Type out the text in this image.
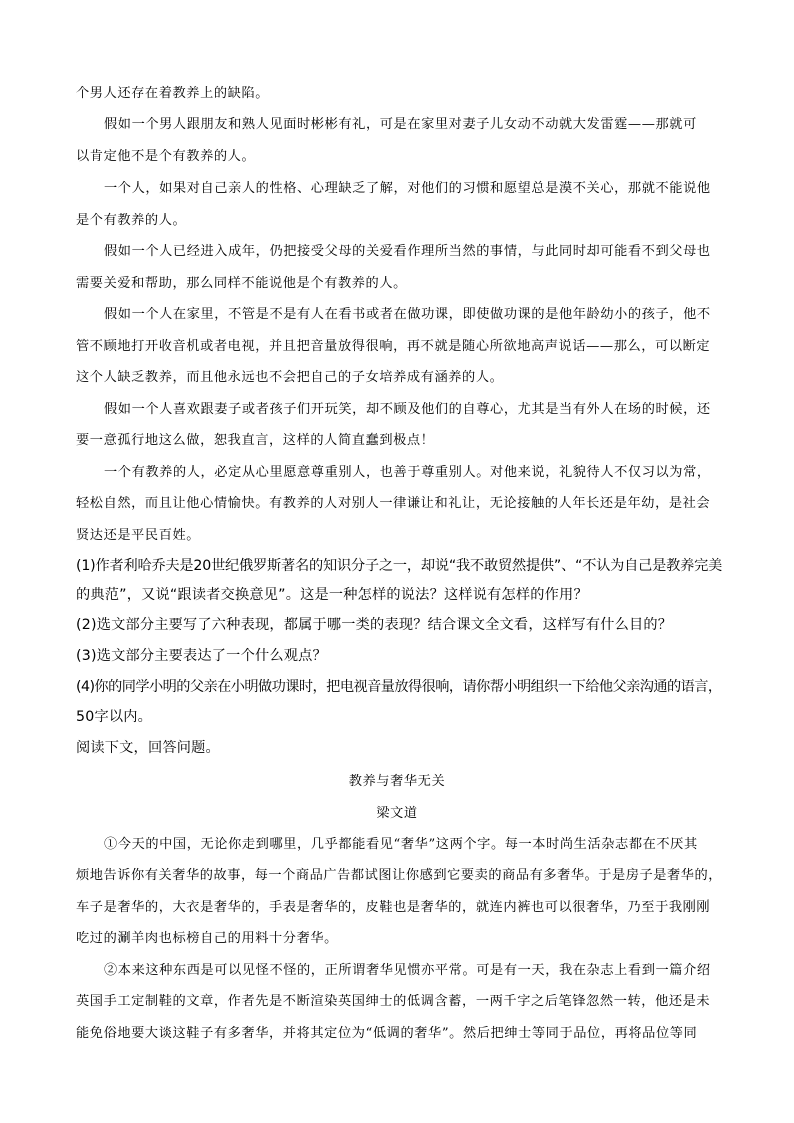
个男人还存在着教养上的缺陷。
假如一个男人跟朋友和熟人见面时彬彬有礼，可是在家里对妻子儿女动不动就大发雷霆——那就可
以肯定他不是个有教养的人。
一个人，如果对自己亲人的性格、心理缺乏了解，对他们的习惯和愿望总是漠不关心，那就不能说他
是个有教养的人。
假如一个人已经进入成年，仍把接受父母的关爱看作理所当然的事情，与此同时却可能看不到父母也
需要关爱和帮助，那么同样不能说他是个有教养的人。
假如一个人在家里，不管是不是有人在看书或者在做功课，即使做功课的是他年龄幼小的孩子，他不
管不顾地打开收音机或者电视，并且把音量放得很响，再不就是随心所欲地高声说话——那么，可以断定
这个人缺乏教养，而且他永远也不会把自己的子女培养成有涵养的人。
假如一个人喜欢跟妻子或者孩子们开玩笑，却不顾及他们的自尊心，尤其是当有外人在场的时候，还
要一意孤行地这么做，恕我直言，这样的人简直蠢到极点！
一个有教养的人，必定从心里愿意尊重别人，也善于尊重别人。对他来说，礼貌待人不仅习以为常，
轻松自然，而且让他心情愉快。有教养的人对别人一律谦让和礼让，无论接触的人年长还是年幼，是社会
贤达还是平民百姓。
(1)作者利哈乔夫是20世纪俄罗斯著名的知识分子之一，却说“我不敢贸然提供”、“不认为自己是教养完美
的典范”，又说“跟读者交换意见”。这是一种怎样的说法？这样说有怎样的作用？
(2)选文部分主要写了六种表现，都属于哪一类的表现？结合课文全文看，这样写有什么目的？
(3)选文部分主要表达了一个什么观点？
(4)你的同学小明的父亲在小明做功课时，把电视音量放得很响，请你帮小明组织一下给他父亲沟通的语言，
50字以内。
阅读下文，回答问题。
教养与奢华无关
梁文道
①今天的中国，无论你走到哪里，几乎都能看见“奢华”这两个字。每一本时尚生活杂志都在不厌其
烦地告诉你有关奢华的故事，每一个商品广告都试图让你感到它要卖的商品有多奢华。于是房子是奢华的，
车子是奢华的，大衣是奢华的，手表是奢华的，皮鞋也是奢华的，就连内裤也可以很奢华，乃至于我刚刚
吃过的涮羊肉也标榜自己的用料十分奢华。
②本来这种东西是可以见怪不怪的，正所谓奢华见惯亦平常。可是有一天，我在杂志上看到一篇介绍
英国手工定制鞋的文章，作者先是不断渲染英国绅士的低调含蓄，一两千字之后笔锋忽然一转，他还是未
能免俗地要大谈这鞋子有多奢华，并将其定位为“低调的奢华”。然后把绅士等同于品位，再将品位等同
